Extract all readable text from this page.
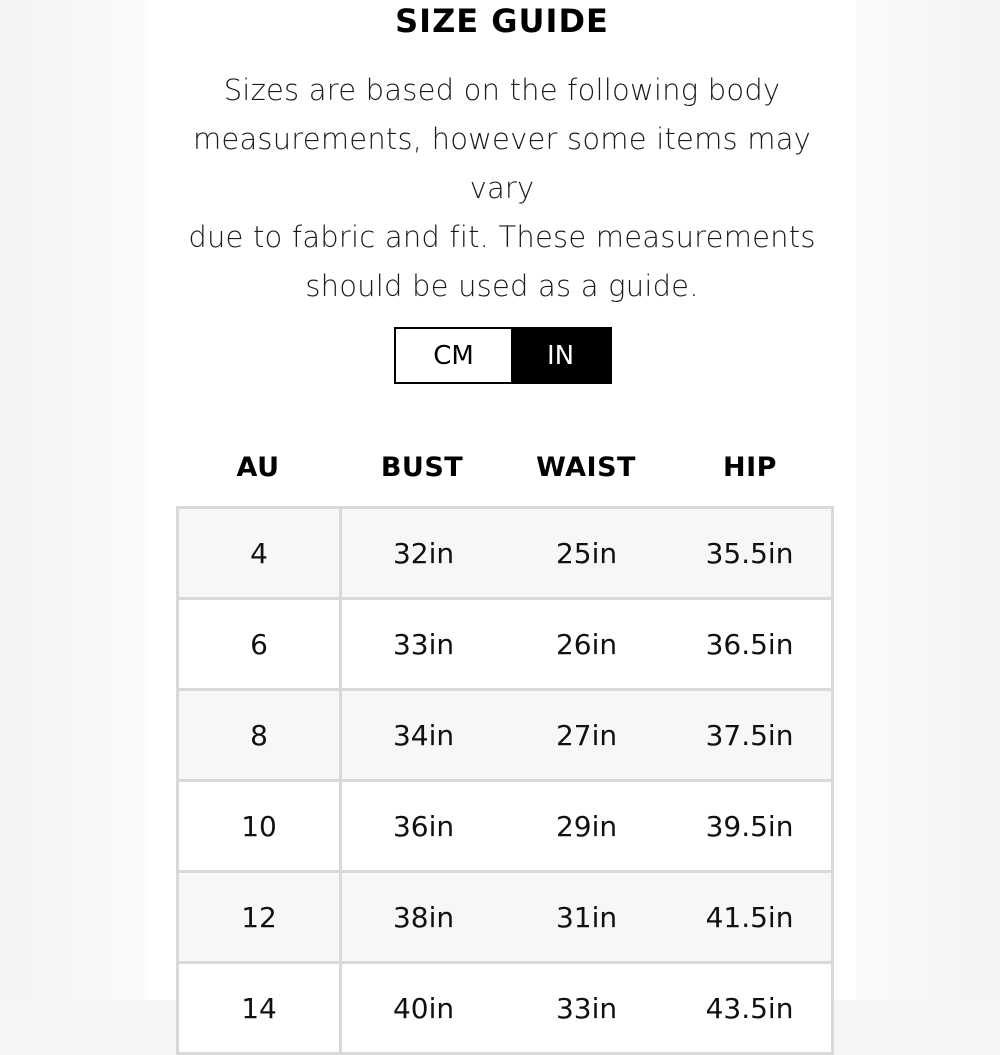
SIZE GUIDE
Sizes are based on the following body
measurements, however some items may vary
due to fabric and fit. These measurements
should be used as a guide.
CM	IN
AU	BUST	WAIST	HIP
4	32in	25in	35.5in
6	33in	26in	36.5in
8	34in	27in	37.5in
10	36in	29in	39.5in
12	38in	31in	41.5in
14	40in	33in	43.5in
